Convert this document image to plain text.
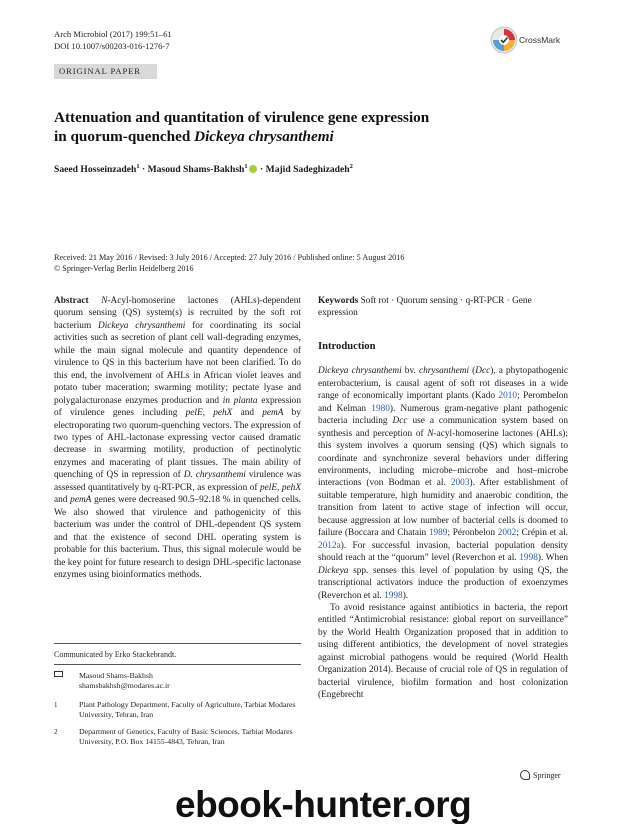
Arch Microbiol (2017) 199:51–61
DOI 10.1007/s00203-016-1276-7
CrossMark
ORIGINAL PAPER
Attenuation and quantitation of virulence gene expression
in quorum-quenched Dickeya chrysanthemi
Saeed Hosseinzadeh$^1$ · Masoud Shams-Bakhsh$^1$ · Majid Sadeghizadeh$^2$
Received: 21 May 2016 / Revised: 3 July 2016 / Accepted: 27 July 2016 / Published online: 5 August 2016
© Springer-Verlag Berlin Heidelberg 2016

Abstract N-Acyl-homoserine lactones (AHLs)-dependent quorum sensing (QS) system(s) is recruited by the soft rot bacterium Dickeya chrysanthemi for coordinating its social activities such as secretion of plant cell wall-degrading enzymes, while the main signal molecule and quantity dependence of virulence to QS in this bacterium have not been clarified. To do this end, the involvement of AHLs in African violet leaves and potato tuber maceration; swarming motility; pectate lyase and polygalacturonase enzymes production and in planta expression of virulence genes including pelE, pehX and pemA by electroporating two quorum-quenching vectors. The expression of two types of AHL-lactonase expressing vector caused dramatic decrease in swarming motility, production of pectinolytic enzymes and macerating of plant tissues. The main ability of quenching of QS in repression of D. chrysanthemi virulence was assessed quantitatively by q-RT-PCR, as expression of pelE, pehX and pemA genes were decreased 90.5–92.18 % in quenched cells. We also showed that virulence and pathogenicity of this bacterium was under the control of DHL-dependent QS system and that the existence of second DHL operating system is probable for this bacterium. Thus, this signal molecule would be the key point for future research to design DHL-specific lactonase enzymes using bioinformatics methods.

Keywords Soft rot · Quorum sensing · q-RT-PCR · Gene expression

Introduction

Dickeya chrysanthemi bv. chrysanthemi (Dcc), a phytopathogenic enterobacterium, is causal agent of soft rot diseases in a wide range of economically important plants (Kado 2010; Perombelon and Kelman 1980). Numerous gram-negative plant pathogenic bacteria including Dcc use a communication system based on synthesis and perception of N-acyl-homoserine lactones (AHLs); this system involves a quorum sensing (QS) which signals to coordinate and synchronize several behaviors under differing environments, including microbe–microbe and host–microbe interactions (von Bodman et al. 2003). After establishment of suitable temperature, high humidity and anaerobic condition, the transition from latent to active stage of infection will occur, because aggression at low number of bacterial cells is doomed to failure (Boccara and Chatain 1989; Péronbelon 2002; Crépin et al. 2012a). For successful invasion, bacterial population density should reach at the “quorum” level (Reverchon et al. 1998). When Dickeya spp. senses this level of population by using QS, the transcriptional activators induce the production of exoenzymes (Reverchon et al. 1998).

To avoid resistance against antibiotics in bacteria, the report entitled “Antimicrobial resistance: global report on surveillance” by the World Health Organization proposed that in addition to using different antibiotics, the development of novel strategies against microbial pathogens would be required (World Health Organization 2014). Because of crucial role of QS in regulation of bacterial virulence, biofilm formation and host colonization (Engebrecht

Communicated by Erko Stackebrandt.
Masoud Shams-Bakhsh
shamsbakhsh@modares.ac.ir
1	Plant Pathology Department, Faculty of Agriculture, Tarbiat Modares University, Tehran, Iran
2	Department of Genetics, Faculty of Basic Sciences, Tarbiat Modares University, P.O. Box 14155-4843, Tehran, Iran
Springer
ebook-hunter.org
